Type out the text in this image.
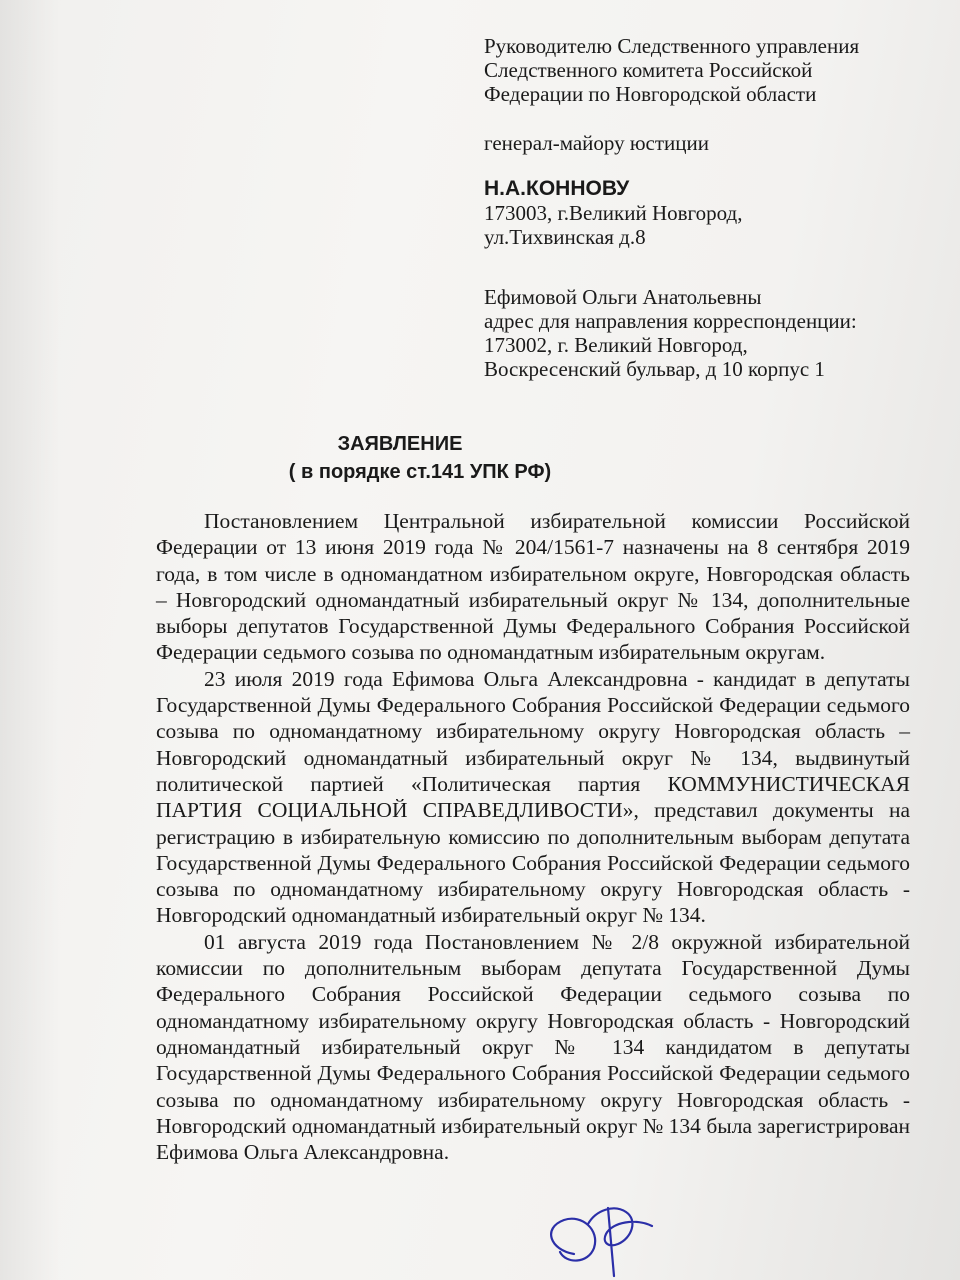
Руководителю Следственного управления
Следственного комитета Российской
Федерации по Новгородской области
генерал-майору юстиции
Н.А.КОННОВУ
173003, г.Великий Новгород,
ул.Тихвинская д.8
Ефимовой Ольги Анатольевны
адрес для направления корреспонденции:
173002, г. Великий Новгород,
Воскресенский бульвар, д 10 корпус 1
ЗАЯВЛЕНИЕ
( в порядке ст.141 УПК РФ)

Постановлением Центральной избирательной комиссии Российской Федерации от 13 июня 2019 года № 204/1561-7 назначены на 8 сентября 2019 года, в том числе в одномандатном избирательном округе, Новгородская область – Новгородский одномандатный избирательный округ № 134, дополнительные выборы депутатов Государственной Думы Федерального Собрания Российской Федерации седьмого созыва по одномандатным избирательным округам.

23 июля 2019 года Ефимова Ольга Александровна - кандидат в депутаты Государственной Думы Федерального Собрания Российской Федерации седьмого созыва по одномандатному избирательному округу Новгородская область – Новгородский одномандатный избирательный округ № 134, выдвинутый политической партией «Политическая партия КОММУНИСТИЧЕСКАЯ ПАРТИЯ СОЦИАЛЬНОЙ СПРАВЕДЛИВОСТИ», представил документы на регистрацию в избирательную комиссию по дополнительным выборам депутата Государственной Думы Федерального Собрания Российской Федерации седьмого созыва по одномандатному избирательному округу Новгородская область - Новгородский одномандатный избирательный округ № 134.

01 августа 2019 года Постановлением № 2/8 окружной избирательной комиссии по дополнительным выборам депутата Государственной Думы Федерального Собрания Российской Федерации седьмого созыва по одномандатному избирательному округу Новгородская область - Новгородский одномандатный избирательный округ № 134 кандидатом в депутаты Государственной Думы Федерального Собрания Российской Федерации седьмого созыва по одномандатному избирательному округу Новгородская область - Новгородский одномандатный избирательный округ № 134 была зарегистрирован Ефимова Ольга Александровна.
